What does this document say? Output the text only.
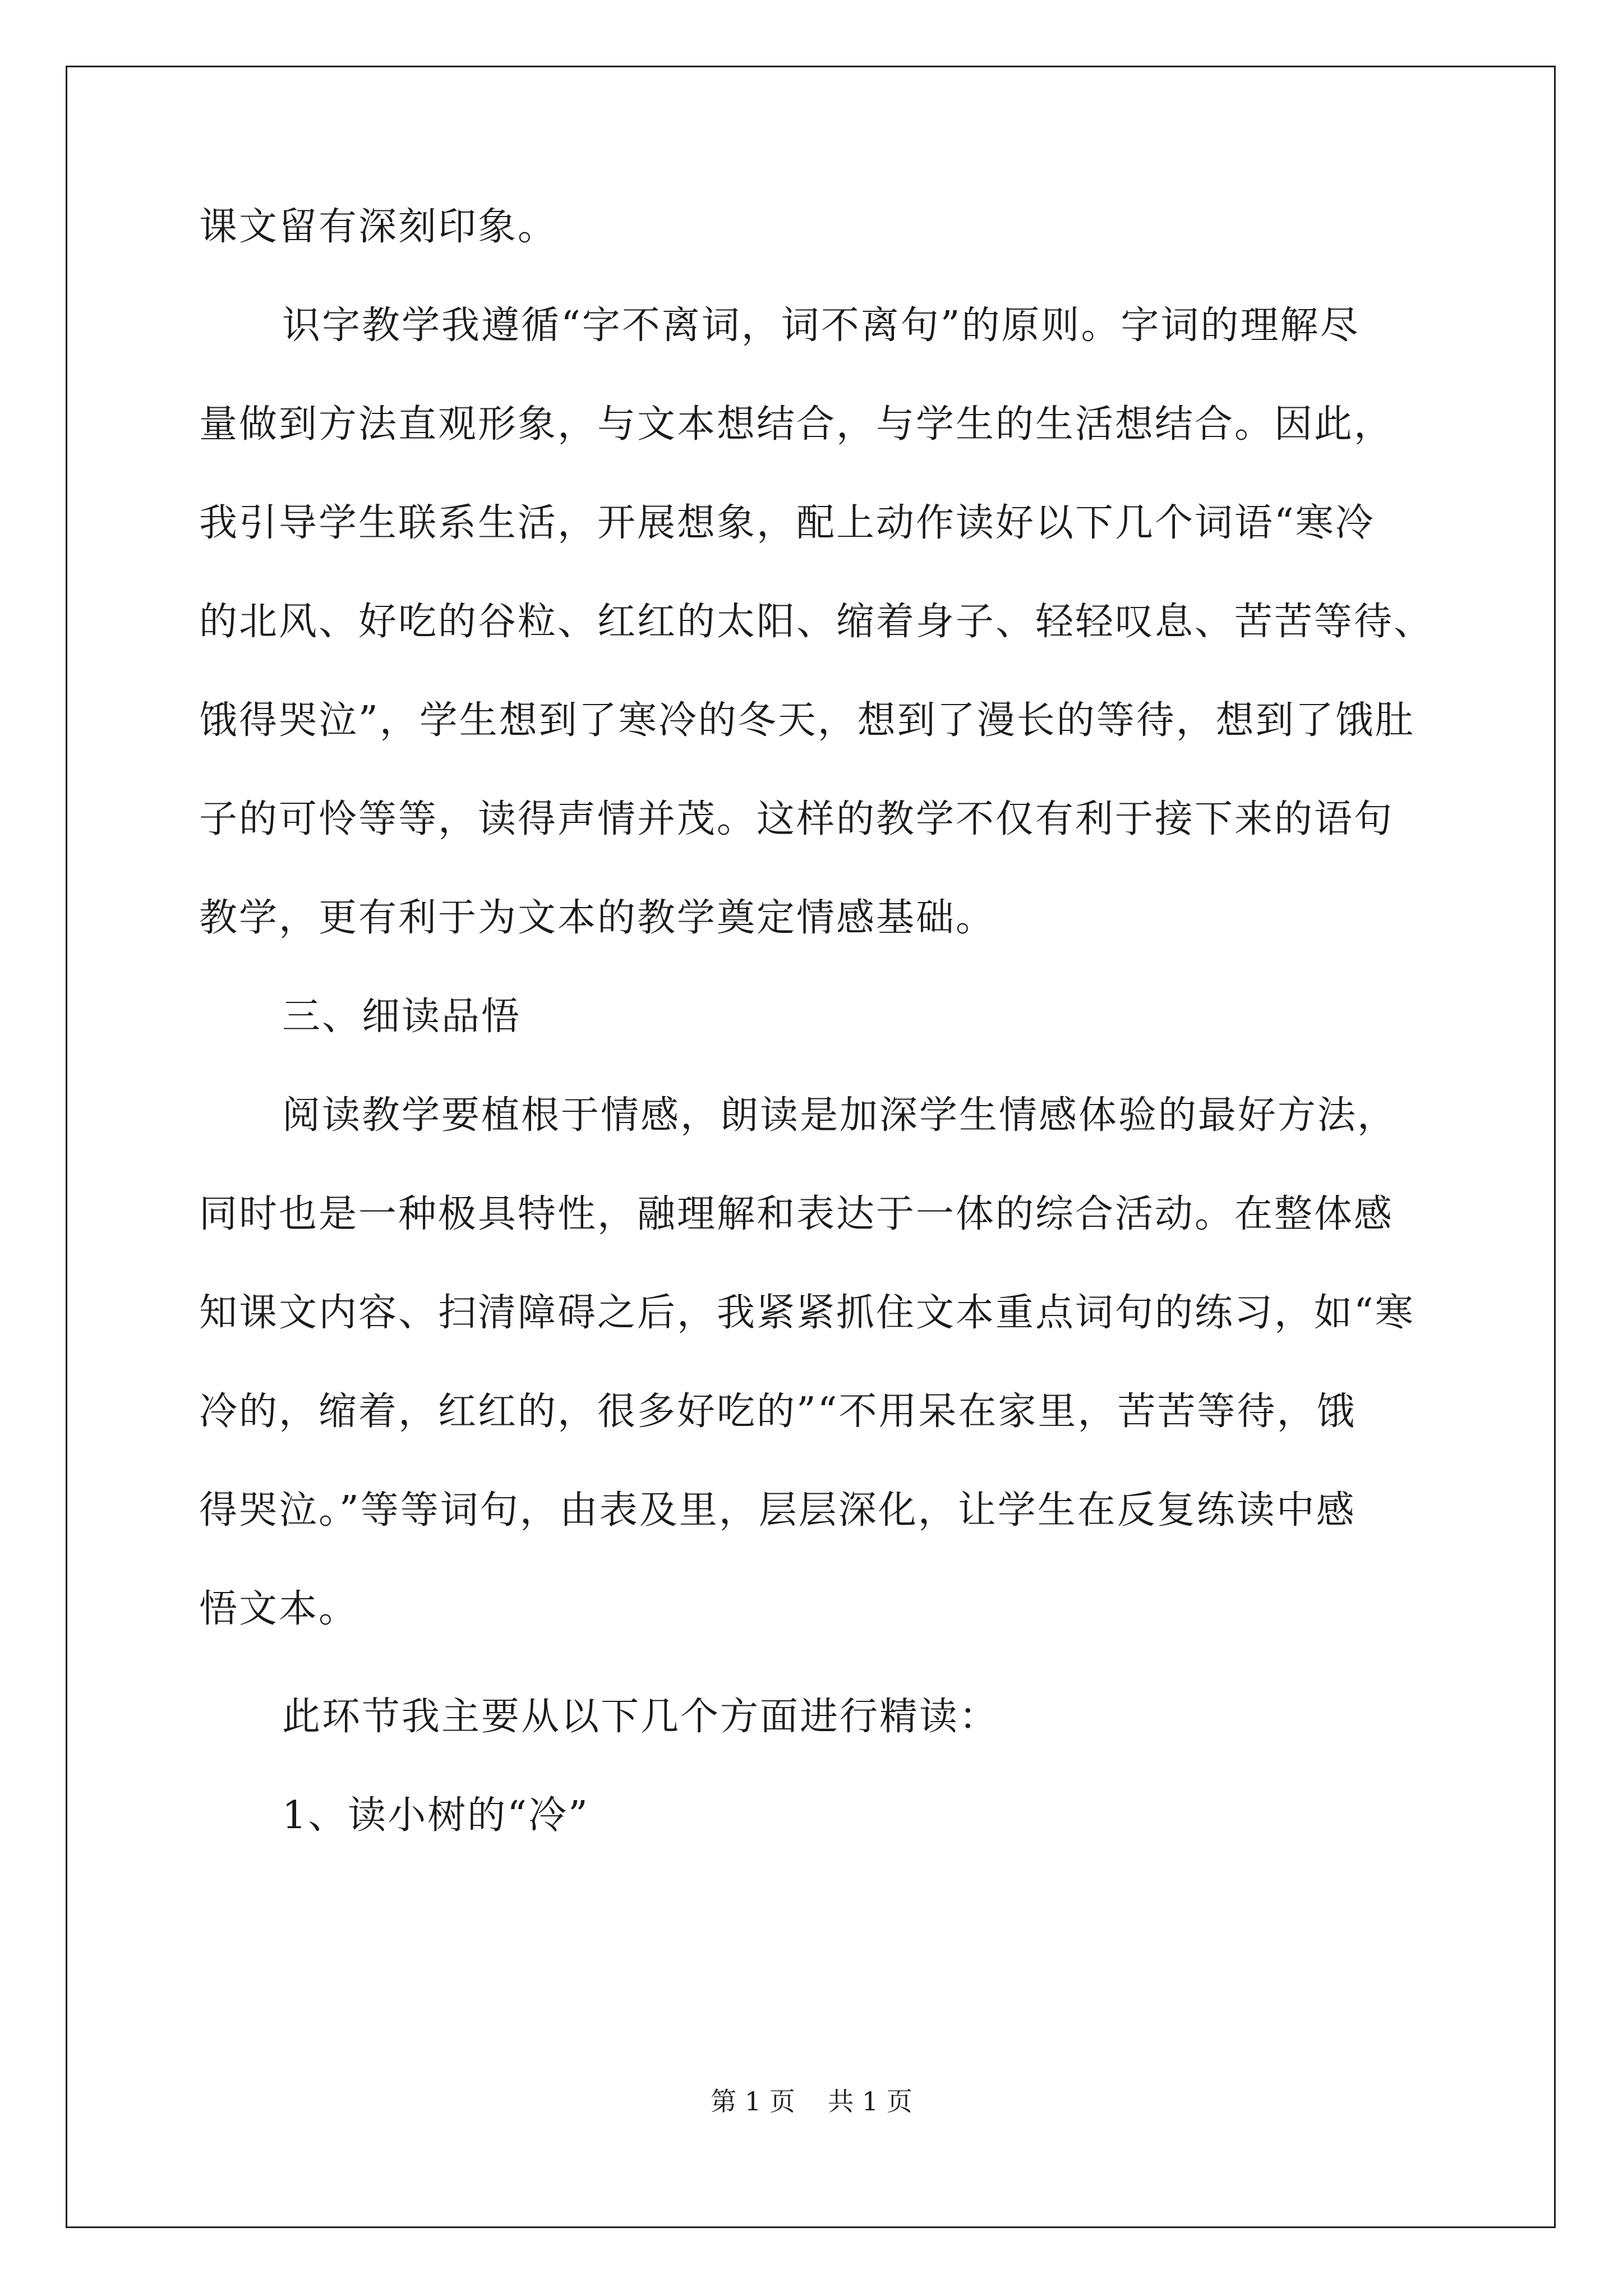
课文留有深刻印象。
识字教学我遵循“字不离词，词不离句”的原则。字词的理解尽
量做到方法直观形象，与文本想结合，与学生的生活想结合。因此，
我引导学生联系生活，开展想象，配上动作读好以下几个词语“寒冷
的北风、好吃的谷粒、红红的太阳、缩着身子、轻轻叹息、苦苦等待、
饿得哭泣”，学生想到了寒冷的冬天，想到了漫长的等待，想到了饿肚
子的可怜等等，读得声情并茂。这样的教学不仅有利于接下来的语句
教学，更有利于为文本的教学奠定情感基础。
三、细读品悟
阅读教学要植根于情感，朗读是加深学生情感体验的最好方法，
同时也是一种极具特性，融理解和表达于一体的综合活动。在整体感
知课文内容、扫清障碍之后，我紧紧抓住文本重点词句的练习，如“寒
冷的，缩着，红红的，很多好吃的”“不用呆在家里，苦苦等待，饿
得哭泣。”等等词句，由表及里，层层深化，让学生在反复练读中感
悟文本。
此环节我主要从以下几个方面进行精读：
1、读小树的“冷”
第 1 页    共 1 页
